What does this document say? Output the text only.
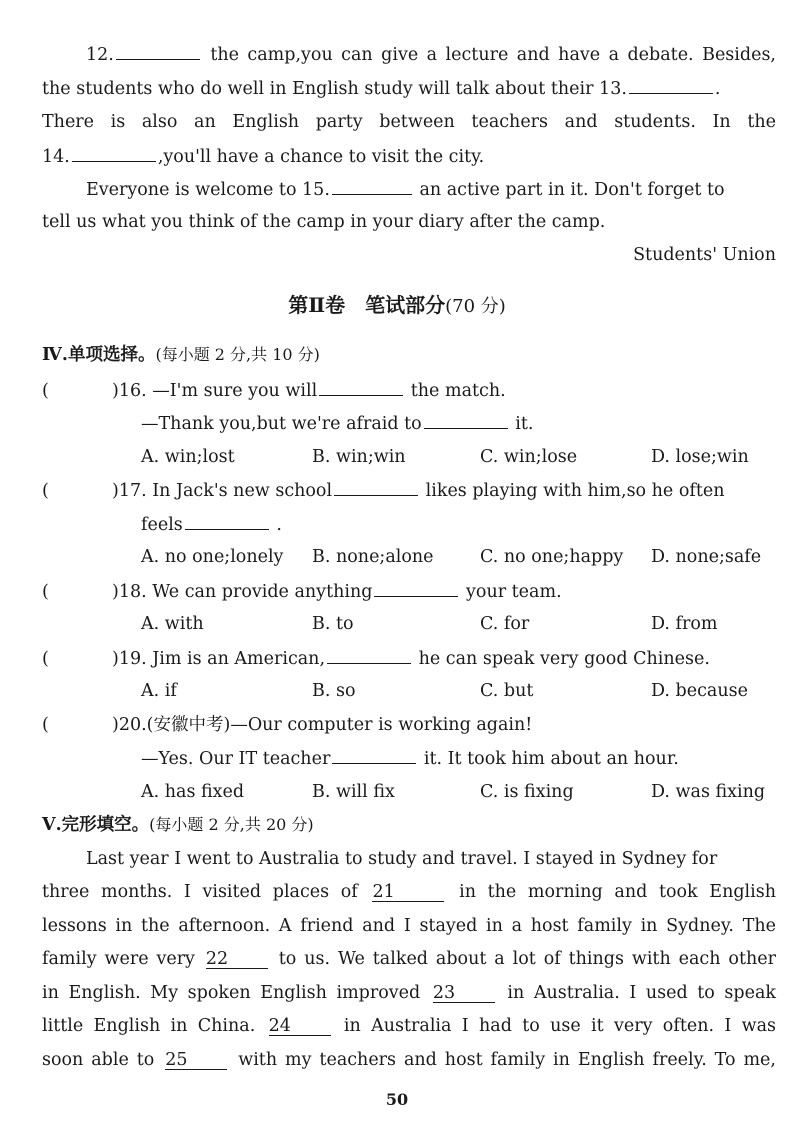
12.	the camp,you can give a lecture and have a debate. Besides,
the students who do well in English study will talk about their 13.	.
There is also an English party between teachers and students. In the
14.	,you'll have a chance to visit the city.
Everyone is welcome to 15.	an active part in it. Don't forget to
tell us what you think of the camp in your diary after the camp.
Students' Union
第Ⅱ卷　笔试部分(70 分)
Ⅳ.单项选择。(每小题 2 分,共 10 分)
(	)16. —I'm sure you will	the match.
—Thank you,but we're afraid to	it.
A. win;lost	B. win;win	C. win;lose	D. lose;win
(	)17. In Jack's new school	likes playing with him,so he often
feels	.
A. no one;lonely B. none;alone	C. no one;happy D. none;safe
(	)18. We can provide anything	your team.
A. with	B. to	C. for	D. from
(	)19. Jim is an American,	he can speak very good Chinese.
A. if	B. so	C. but	D. because
(	)20.(安徽中考)—Our computer is working again!
—Yes. Our IT teacher	it. It took him about an hour.
A. has fixed	B. will fix	C. is fixing	D. was fixing
Ⅴ.完形填空。(每小题 2 分,共 20 分)
Last year I went to Australia to study and travel. I stayed in Sydney for
three months. I visited places of 21	in the morning and took English
lessons in the afternoon. A friend and I stayed in a host family in Sydney. The
family were very 22	to us. We talked about a lot of things with each other
in English. My spoken English improved 23	in Australia. I used to speak
little English in China. 24	in Australia I had to use it very often. I was
soon able to 25	with my teachers and host family in English freely. To me,
50
